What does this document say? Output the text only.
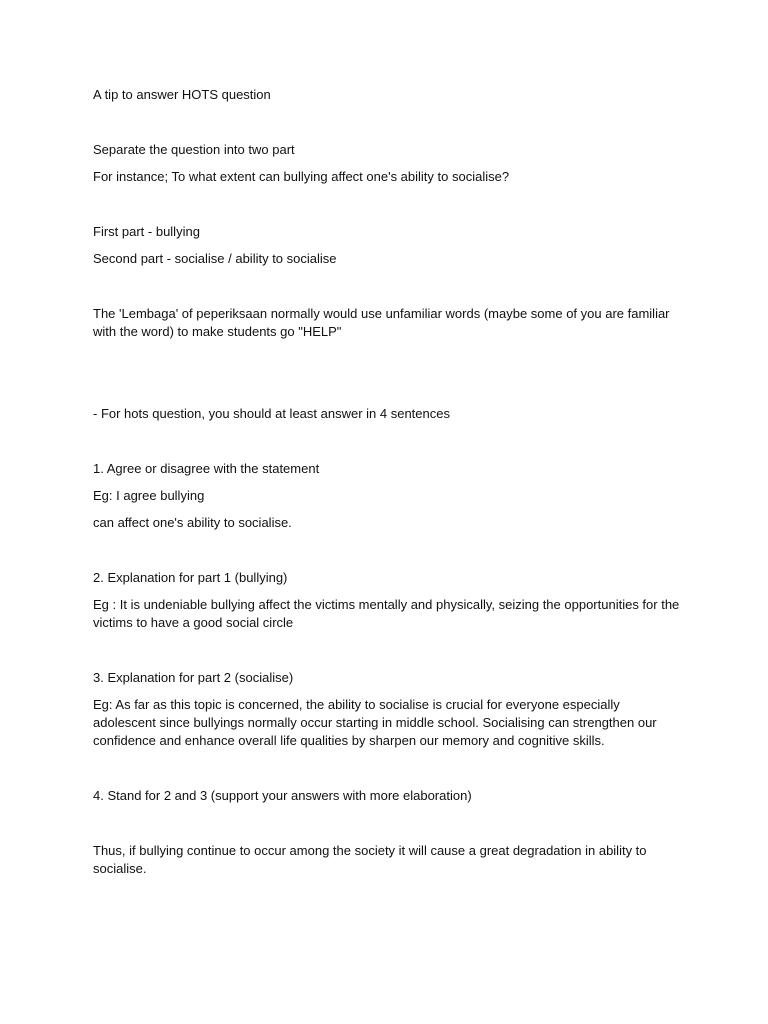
A tip to answer HOTS question

Separate the question into two part

For instance; To what extent can bullying affect one's ability to socialise?

First part - bullying

Second part - socialise / ability to socialise

The 'Lembaga' of peperiksaan normally would use unfamiliar words (maybe some of you are familiar with the word) to make students go "HELP"

- For hots question, you should at least answer in 4 sentences

1. Agree or disagree with the statement

Eg: I agree bullying

can affect one's ability to socialise.

2. Explanation for part 1 (bullying)

Eg : It is undeniable bullying affect the victims mentally and physically, seizing the opportunities for the victims to have a good social circle

3. Explanation for part 2 (socialise)

Eg: As far as this topic is concerned, the ability to socialise is crucial for everyone especially adolescent since bullyings normally occur starting in middle school. Socialising can strengthen our confidence and enhance overall life qualities by sharpen our memory and cognitive skills.

4. Stand for 2 and 3 (support your answers with more elaboration)

Thus, if bullying continue to occur among the society it will cause a great degradation in ability to socialise.
